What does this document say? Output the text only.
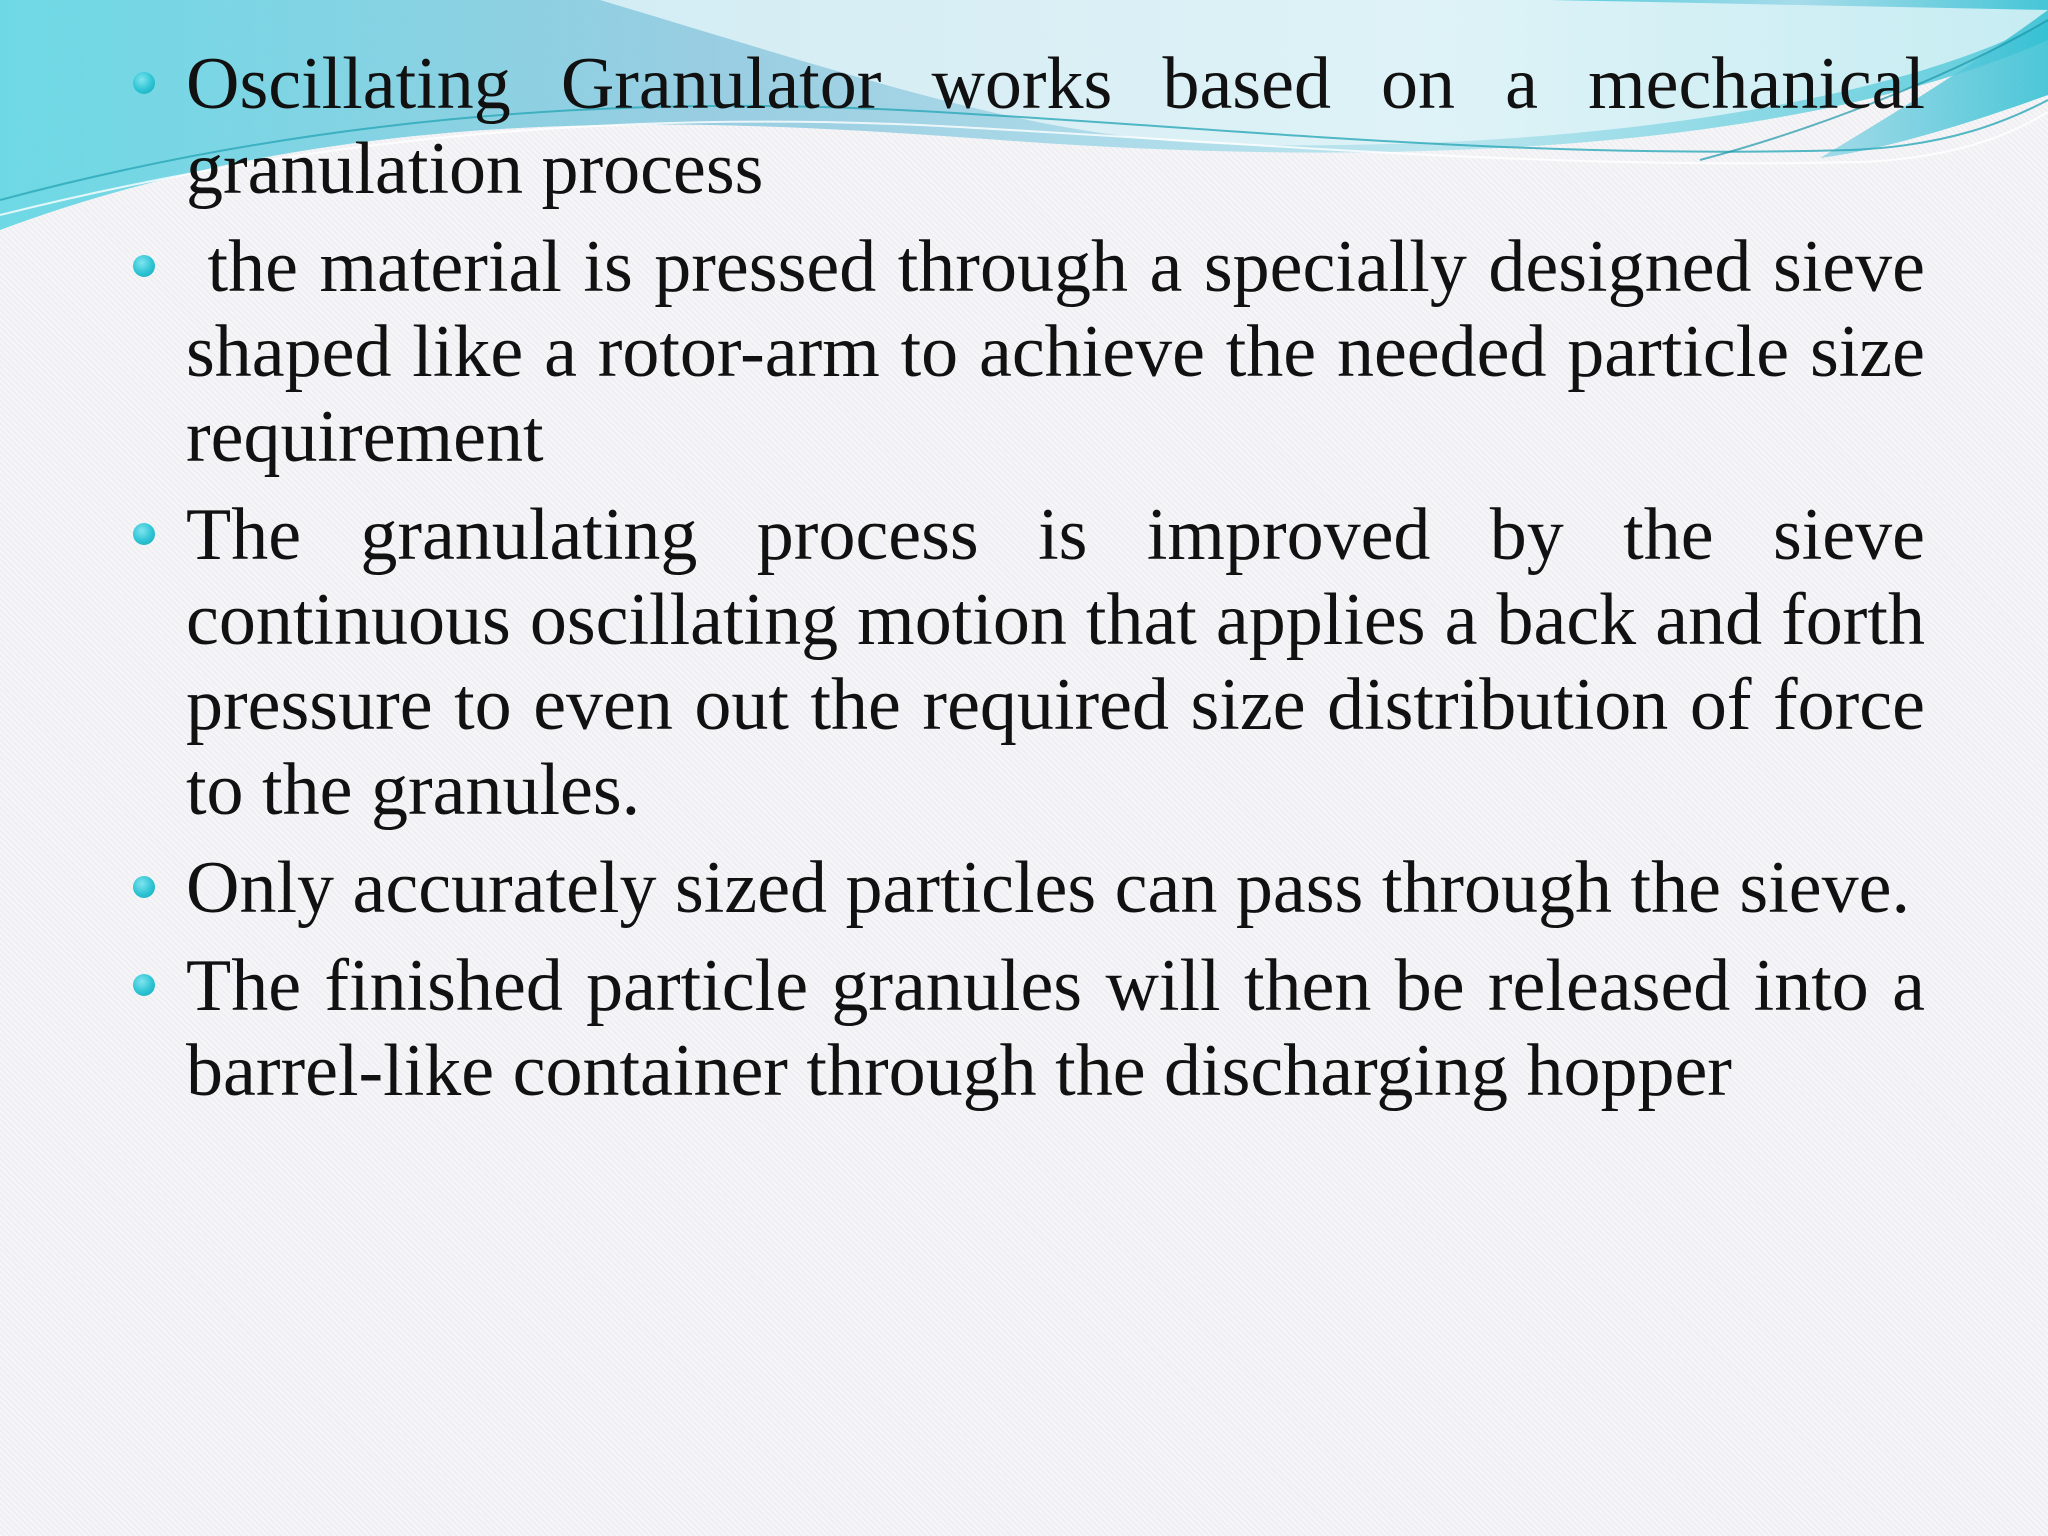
Oscillating Granulator works based on a mechanical granulation process
the material is pressed through a specially designed sieve shaped like a rotor-arm to achieve the needed particle size requirement
The granulating process is improved by the sieve continuous oscillating motion that applies a back and forth pressure to even out the required size distribution of force to the granules.
Only accurately sized particles can pass through the sieve.
The finished particle granules will then be released into a barrel-like container through the discharging hopper
